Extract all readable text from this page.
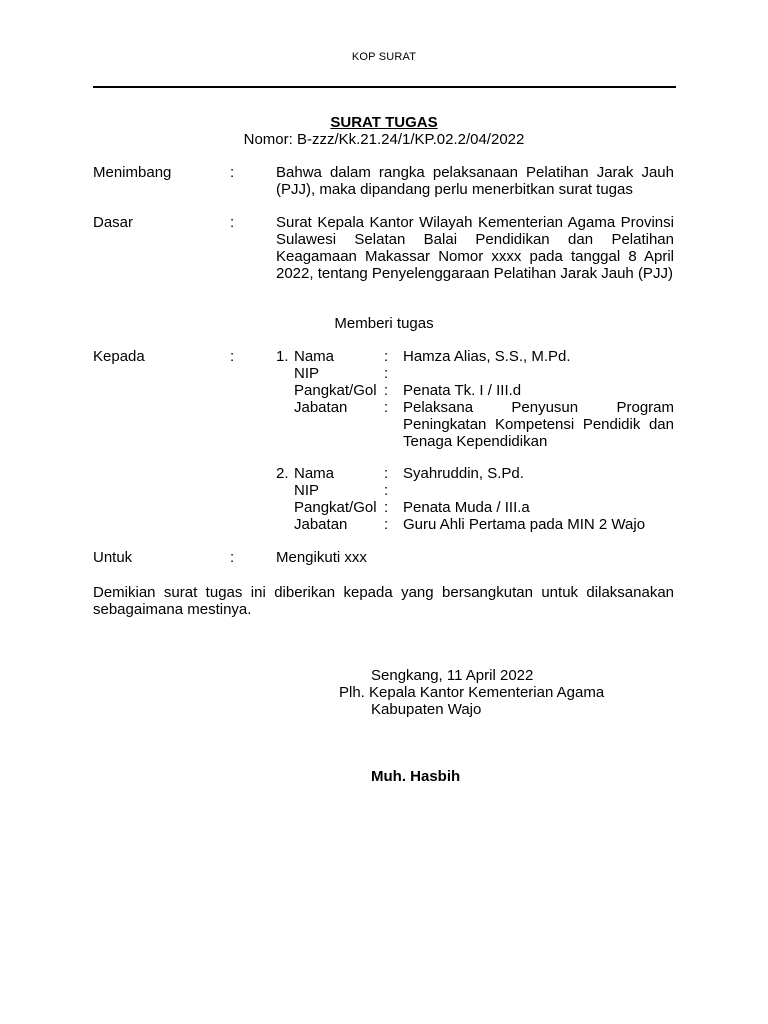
KOP SURAT
SURAT TUGAS
Nomor: B-zzz/Kk.21.24/1/KP.02.2/04/2022
Menimbang	:	Bahwa dalam rangka pelaksanaan Pelatihan Jarak Jauh (PJJ), maka dipandang perlu menerbitkan surat tugas
Dasar	:	Surat Kepala Kantor Wilayah Kementerian Agama Provinsi Sulawesi Selatan Balai Pendidikan dan Pelatihan Keagamaan Makassar Nomor xxxx pada tanggal 8 April 2022, tentang Penyelenggaraan Pelatihan Jarak Jauh (PJJ)
Memberi tugas
Kepada	:	1. Nama	: Hamza Alias, S.S., M.Pd.
NIP	:
Pangkat/Gol : Penata Tk. I / III.d
Jabatan : Pelaksana Penyusun Program Peningkatan Kompetensi Pendidik dan Tenaga Kependidikan
2. Nama	: Syahruddin, S.Pd.
NIP	:
Pangkat/Gol : Penata Muda / III.a
Jabatan : Guru Ahli Pertama pada MIN 2 Wajo
Untuk	:	Mengikuti xxx
Demikian surat tugas ini diberikan kepada yang bersangkutan untuk dilaksanakan sebagaimana mestinya.
Sengkang, 11 April 2022
Plh. Kepala Kantor Kementerian Agama
Kabupaten Wajo
Muh. Hasbih
